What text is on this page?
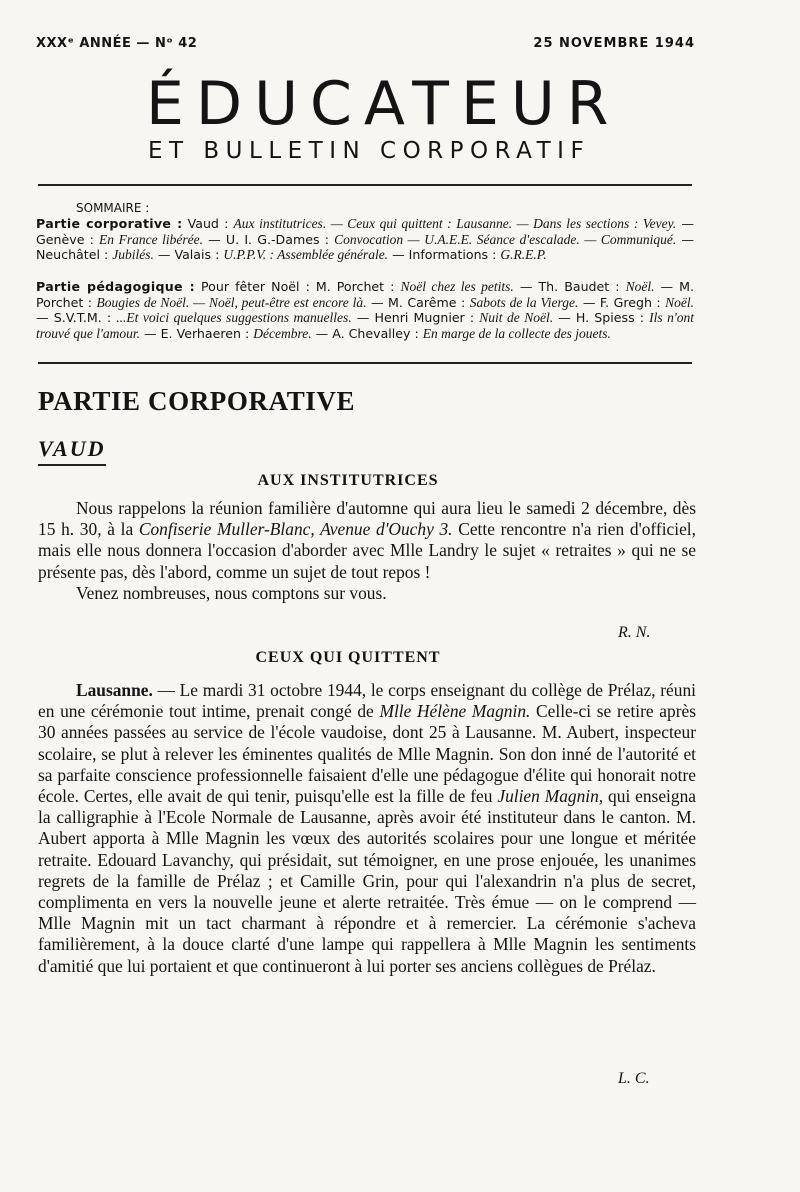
XXXᵉ ANNÉE — Nᵒ 42	25 NOVEMBRE 1944
ÉDUCATEUR
ET BULLETIN CORPORATIF
SOMMAIRE :
Partie corporative : Vaud : Aux institutrices. — Ceux qui quittent : Lausanne. — Dans les sections : Vevey. — Genève : En France libérée. — U. I. G.-Dames : Convocation — U.A.E.E. Séance d'escalade. — Communiqué. — Neuchâtel : Jubilés. — Valais : U.P.P.V. : Assemblée générale. — Informations : G.R.E.P.
Partie pédagogique : Pour fêter Noël : M. Porchet : Noël chez les petits. — Th. Baudet : Noël. — M. Porchet : Bougies de Noël. — Noël, peut-être est encore là. — M. Carême : Sabots de la Vierge. — F. Gregh : Noël. — S.V.T.M. : ...Et voici quelques suggestions manuelles. — Henri Mugnier : Nuit de Noël. — H. Spiess : Ils n'ont trouvé que l'amour. — E. Verhaeren : Décembre. — A. Chevalley : En marge de la collecte des jouets.
PARTIE CORPORATIVE
VAUD
AUX INSTITUTRICES

Nous rappelons la réunion familière d'automne qui aura lieu le samedi 2 décembre, dès 15 h. 30, à la Confiserie Muller-Blanc, Avenue d'Ouchy 3. Cette rencontre n'a rien d'officiel, mais elle nous donnera l'occasion d'aborder avec Mlle Landry le sujet « retraites » qui ne se présente pas, dès l'abord, comme un sujet de tout repos !

Venez nombreuses, nous comptons sur vous.

R. N.
CEUX QUI QUITTENT

Lausanne. — Le mardi 31 octobre 1944, le corps enseignant du collège de Prélaz, réuni en une cérémonie tout intime, prenait congé de Mlle Hélène Magnin. Celle-ci se retire après 30 années passées au service de l'école vaudoise, dont 25 à Lausanne. M. Aubert, inspecteur scolaire, se plut à relever les éminentes qualités de Mlle Magnin. Son don inné de l'autorité et sa parfaite conscience professionnelle faisaient d'elle une pédagogue d'élite qui honorait notre école. Certes, elle avait de qui tenir, puisqu'elle est la fille de feu Julien Magnin, qui enseigna la calligraphie à l'Ecole Normale de Lausanne, après avoir été instituteur dans le canton. M. Aubert apporta à Mlle Magnin les vœux des autorités scolaires pour une longue et méritée retraite. Edouard Lavanchy, qui présidait, sut témoigner, en une prose enjouée, les unanimes regrets de la famille de Prélaz ; et Camille Grin, pour qui l'alexandrin n'a plus de secret, complimenta en vers la nouvelle jeune et alerte retraitée. Très émue — on le comprend — Mlle Magnin mit un tact charmant à répondre et à remercier. La cérémonie s'acheva familièrement, à la douce clarté d'une lampe qui rappellera à Mlle Magnin les sentiments d'amitié que lui portaient et que continueront à lui porter ses anciens collègues de Prélaz.

L. C.
